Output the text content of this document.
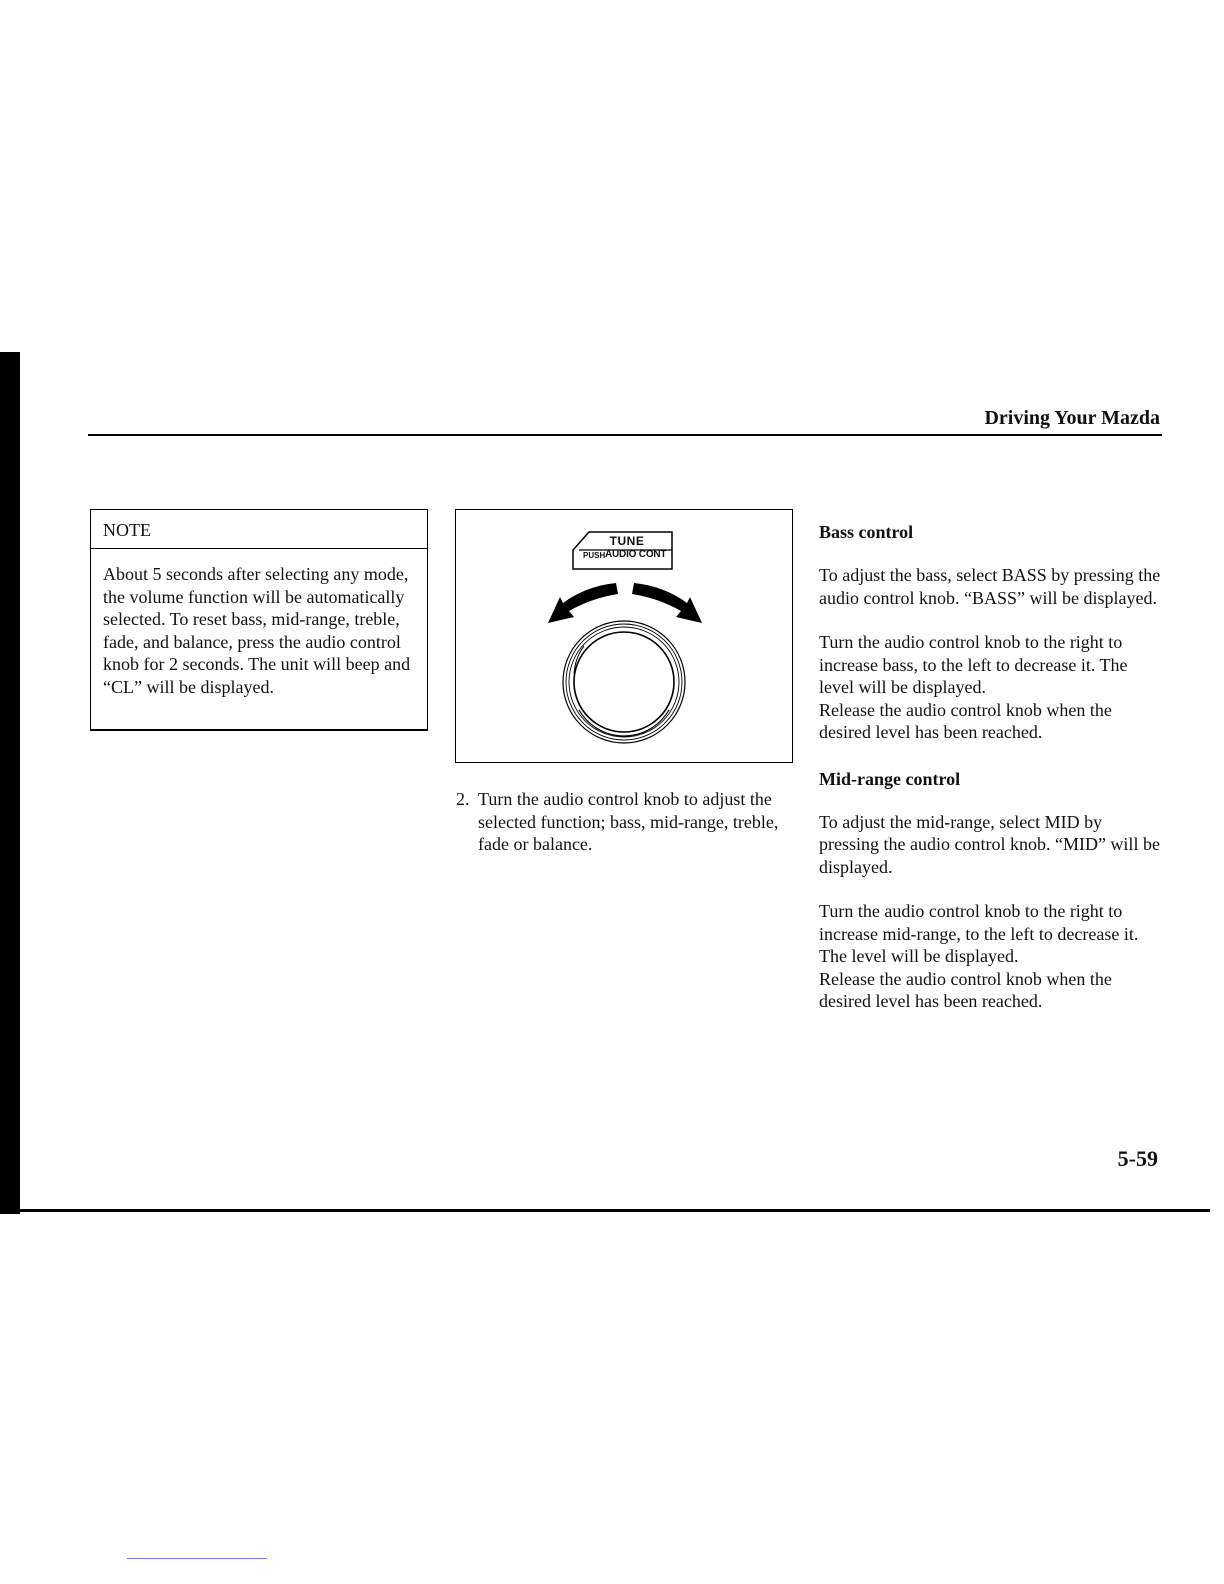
Driving Your Mazda

NOTE

About 5 seconds after selecting any mode, the volume function will be automatically selected. To reset bass, mid-range, treble, fade, and balance, press the audio control knob for 2 seconds. The unit will beep and “CL” will be displayed.

TUNE
PUSH AUDIO CONT

2. Turn the audio control knob to adjust the selected function; bass, mid-range, treble, fade or balance.

Bass control

To adjust the bass, select BASS by pressing the audio control knob. “BASS” will be displayed.

Turn the audio control knob to the right to increase bass, to the left to decrease it. The level will be displayed.

Release the audio control knob when the desired level has been reached.

Mid-range control

To adjust the mid-range, select MID by pressing the audio control knob. “MID” will be displayed.

Turn the audio control knob to the right to increase mid-range, to the left to decrease it. The level will be displayed.

Release the audio control knob when the desired level has been reached.

5-59
